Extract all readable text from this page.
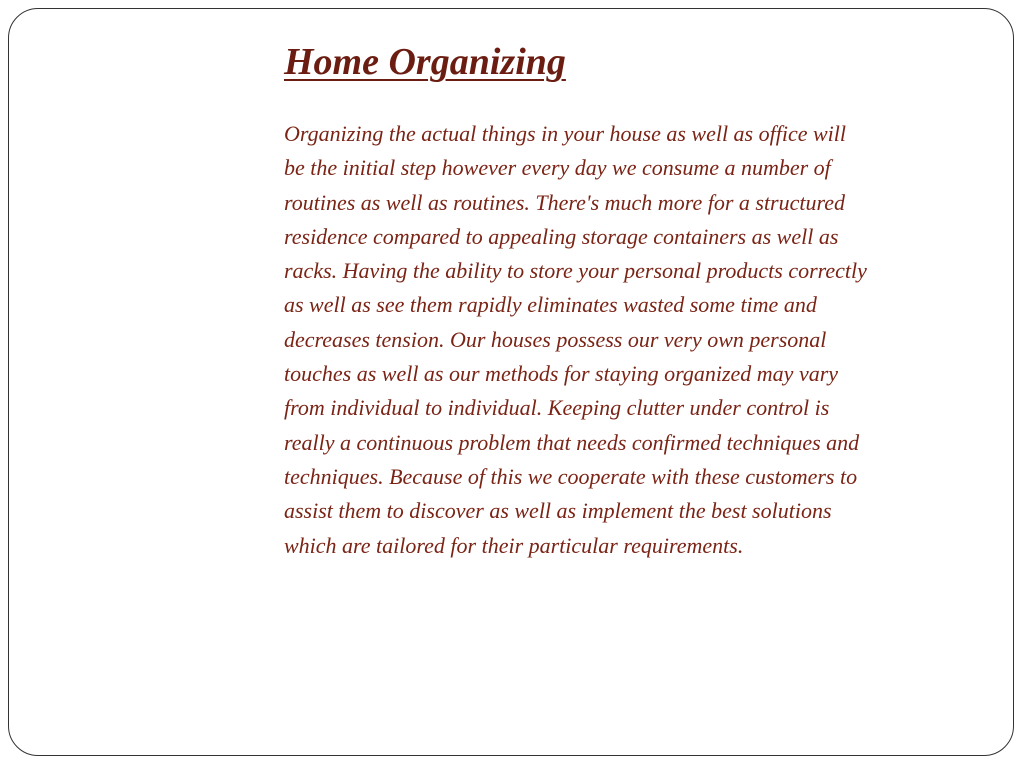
Home Organizing

Organizing the actual things in your house as well as office will
be the initial step however every day we consume a number of
routines as well as routines. There's much more for a structured
residence compared to appealing storage containers as well as
racks. Having the ability to store your personal products correctly
as well as see them rapidly eliminates wasted some time and
decreases tension. Our houses possess our very own personal
touches as well as our methods for staying organized may vary
from individual to individual. Keeping clutter under control is
really a continuous problem that needs confirmed techniques and
techniques. Because of this we cooperate with these customers to
assist them to discover as well as implement the best solutions
which are tailored for their particular requirements.
